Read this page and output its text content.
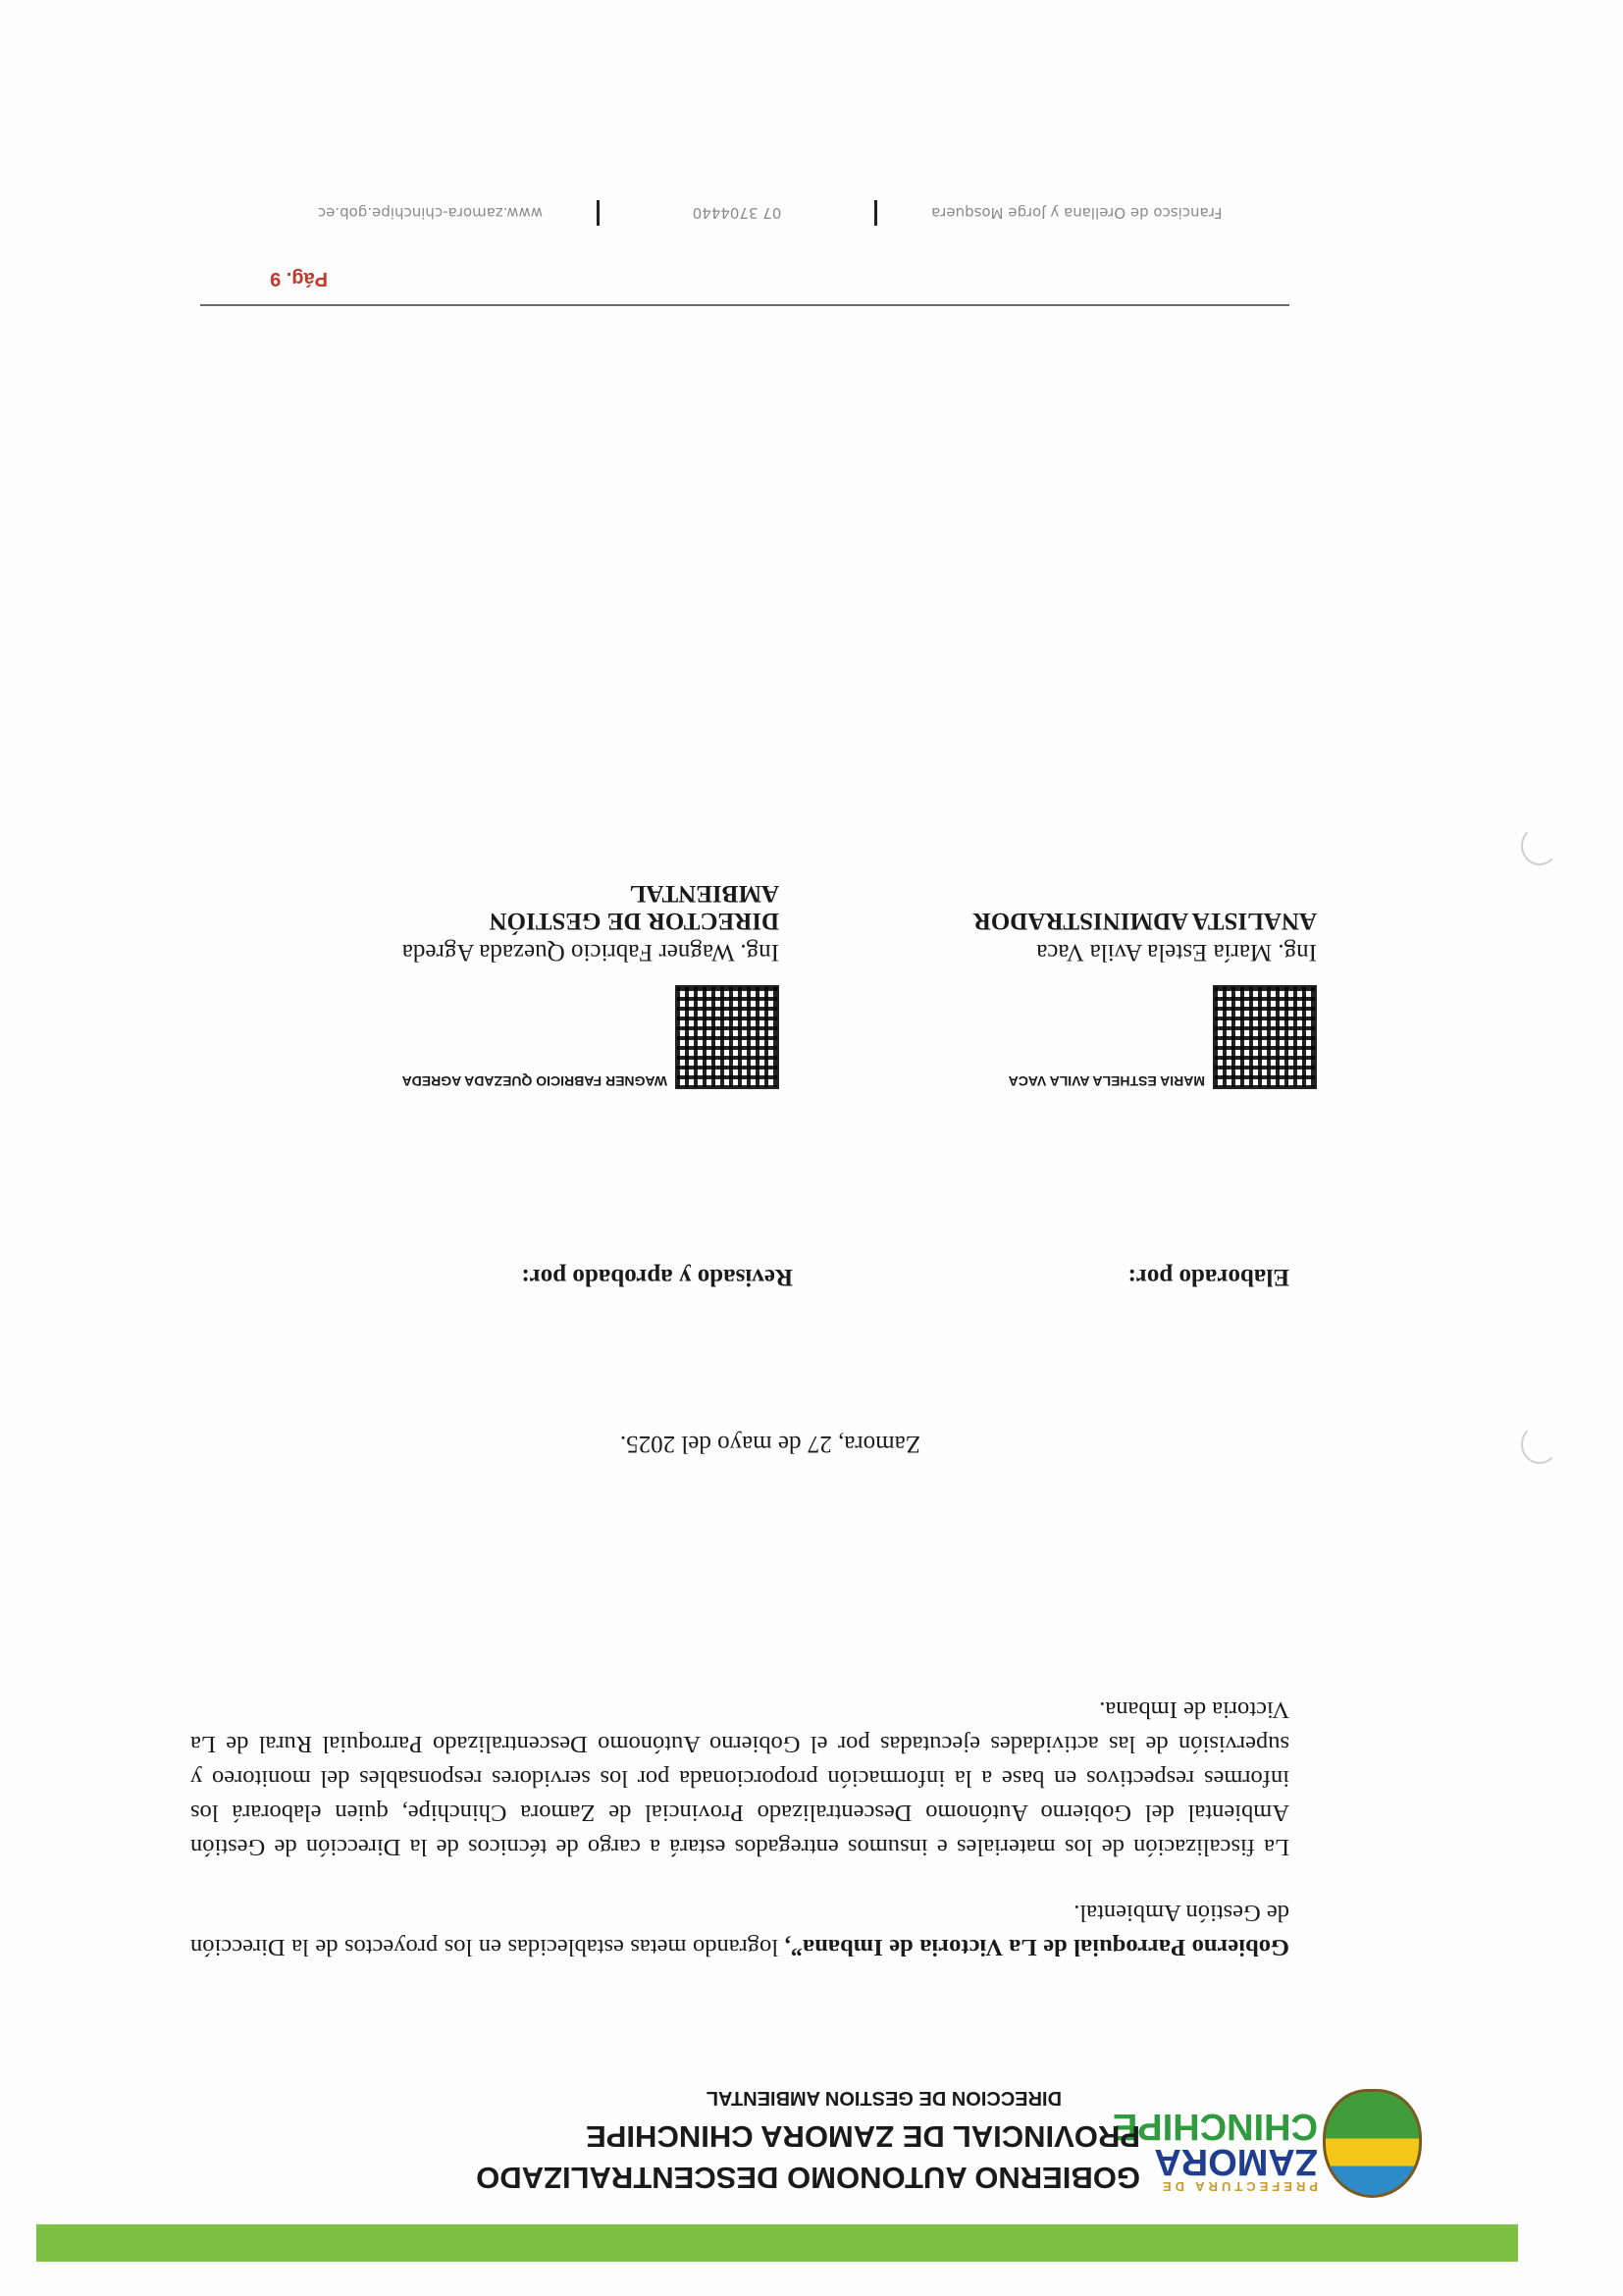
PREFECTURA DE
ZAMORA
CHINCHIPE
GOBIERNO AUTONOMO DESCENTRALIZADO
PROVINCIAL DE ZAMORA CHINCHIPE
DIRECCION DE GESTION AMBIENTAL

Gobierno Parroquial de La Victoria de Imbana”, logrando metas establecidas en los proyectos de la Dirección de Gestión Ambiental.

La fiscalización de los materiales e insumos entregados estará a cargo de técnicos de la Dirección de Gestión Ambiental del Gobierno Autónomo Descentralizado Provincial de Zamora Chinchipe, quien elaborará los informes respectivos en base a la información proporcionada por los servidores responsables del monitoreo y supervisión de las actividades ejecutadas por el Gobierno Autónomo Descentralizado Parroquial Rural de La Victoria de Imbana.

Zamora, 27 de mayo del 2025.
Elaborado por:
Revisado y aprobado por:

MARIA ESTHELA AVILA VACA
Ing. María Estela Avila Vaca
ANALISTA ADMINISTRADOR

WAGNER FABRICIO QUEZADA AGREDA
Ing. Wagner Fabricio Quezada Agreda
DIRECTOR DE GESTIÓN AMBIENTAL
Pág. 9
Francisco de Orellana y Jorge Mosquera
07 3704440
www.zamora-chinchipe.gob.ec
